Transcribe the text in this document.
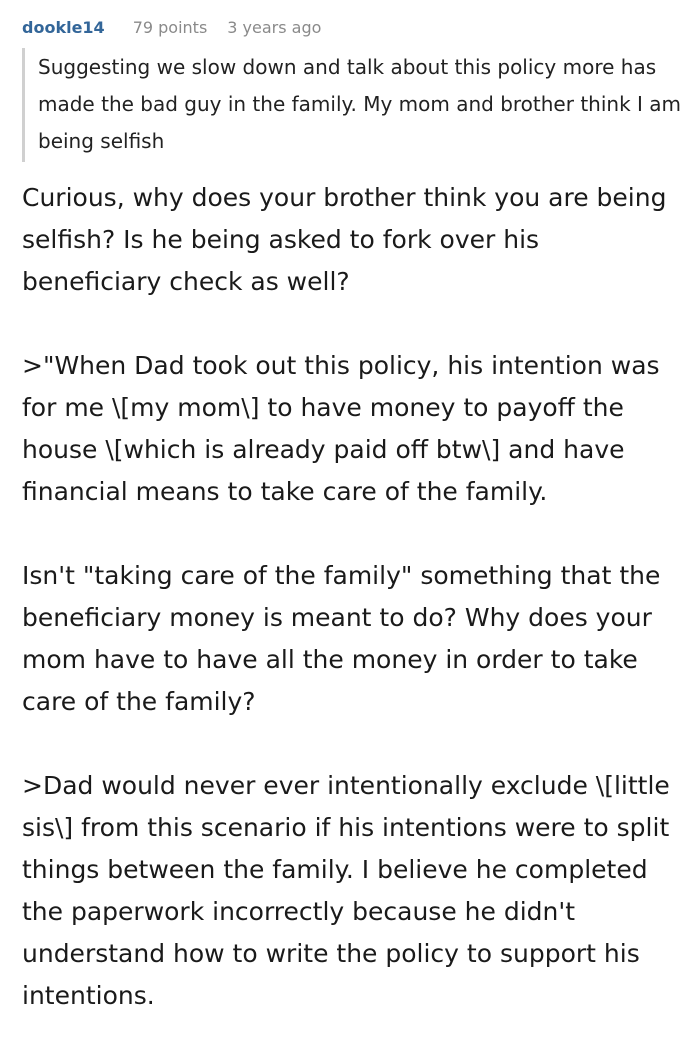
dookle14 79 points 3 years ago
Suggesting we slow down and talk about this policy more has made the bad guy in the family. My mom and brother think I am being selfish

Curious, why does your brother think you are being selfish? Is he being asked to fork over his beneficiary check as well?

>"When Dad took out this policy, his intention was for me \[my mom\] to have money to payoff the house \[which is already paid off btw\] and have financial means to take care of the family.

Isn't "taking care of the family" something that the beneficiary money is meant to do? Why does your mom have to have all the money in order to take care of the family?

>Dad would never ever intentionally exclude \[little sis\] from this scenario if his intentions were to split things between the family. I believe he completed the paperwork incorrectly because he didn't understand how to write the policy to support his intentions.
